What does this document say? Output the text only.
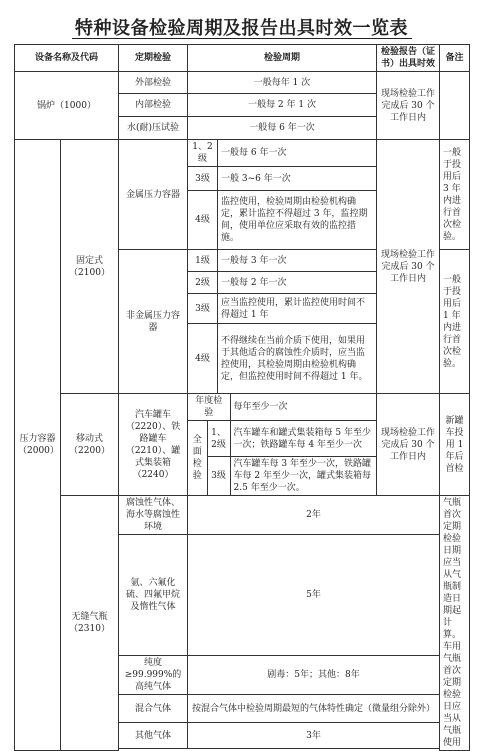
特种设备检验周期及报告出具时效一览表
设备名称及代码	定期检验	检验周期	检验报告（证书）出具时效	备注
锅炉（1000）	外部检验	一般每年 1 次	现场检验工作完成后 30 个工作日内	
内部检验	一般每 2 年 1 次
水(耐)压试验	一般每 6 年一次
压力容器（2000）	固定式（2100）	金属压力容器	1、2级	一般每 6 年一次	现场检验工作完成后 30 个工作日内	一般于投用后 3 年内进行首次检验。
3级	一般 3~6 年一次
4级	监控使用，检验周期由检验机构确定，累计监控不得超过 3 年，监控期间，使用单位应采取有效的监控措施。
非金属压力容器	1级	一般每 3 年一次	一般于投用后 1 年内进行首次检验。
2级	一般每 2 年一次
3级	应当监控使用，累计监控使用时间不得超过 1 年
4级	不得继续在当前介质下使用，如果用于其他适合的腐蚀性介质时，应当监控使用，其检验周期由检验机构确定，但监控使用时间不得超过 1 年。
移动式（2200）	汽车罐车（2220）、铁路罐车（2210）、罐式集装箱（2240）	
年度检验	每年至少一次
全面检验	1、2级	汽车罐车和罐式集装箱每 5 年至少一次；铁路罐车每 4 年至少一次
3级	汽车罐车每 3 年至少一次，铁路罐车每 2 年至少一次，罐式集装箱每 2.5 年至少一次。
	现场检验工作完成后 30 个工作日内	新罐车投用 1 年后首检
无缝气瓶（2310）	腐蚀性气体、海水等腐蚀性环境	2年	气瓶首次定期检验日期应当从气瓶制造日期起计算。车用气瓶首次定期检验日应当从气瓶使用
氩、六氟化硫、四氟甲烷及惰性气体	5年

纯度≥99.999%的高纯气体	剧毒：5年；其他：8年
混合气体	按混合气体中检验周期最短的气体特性确定（微量组分除外）
其他气体	3年
